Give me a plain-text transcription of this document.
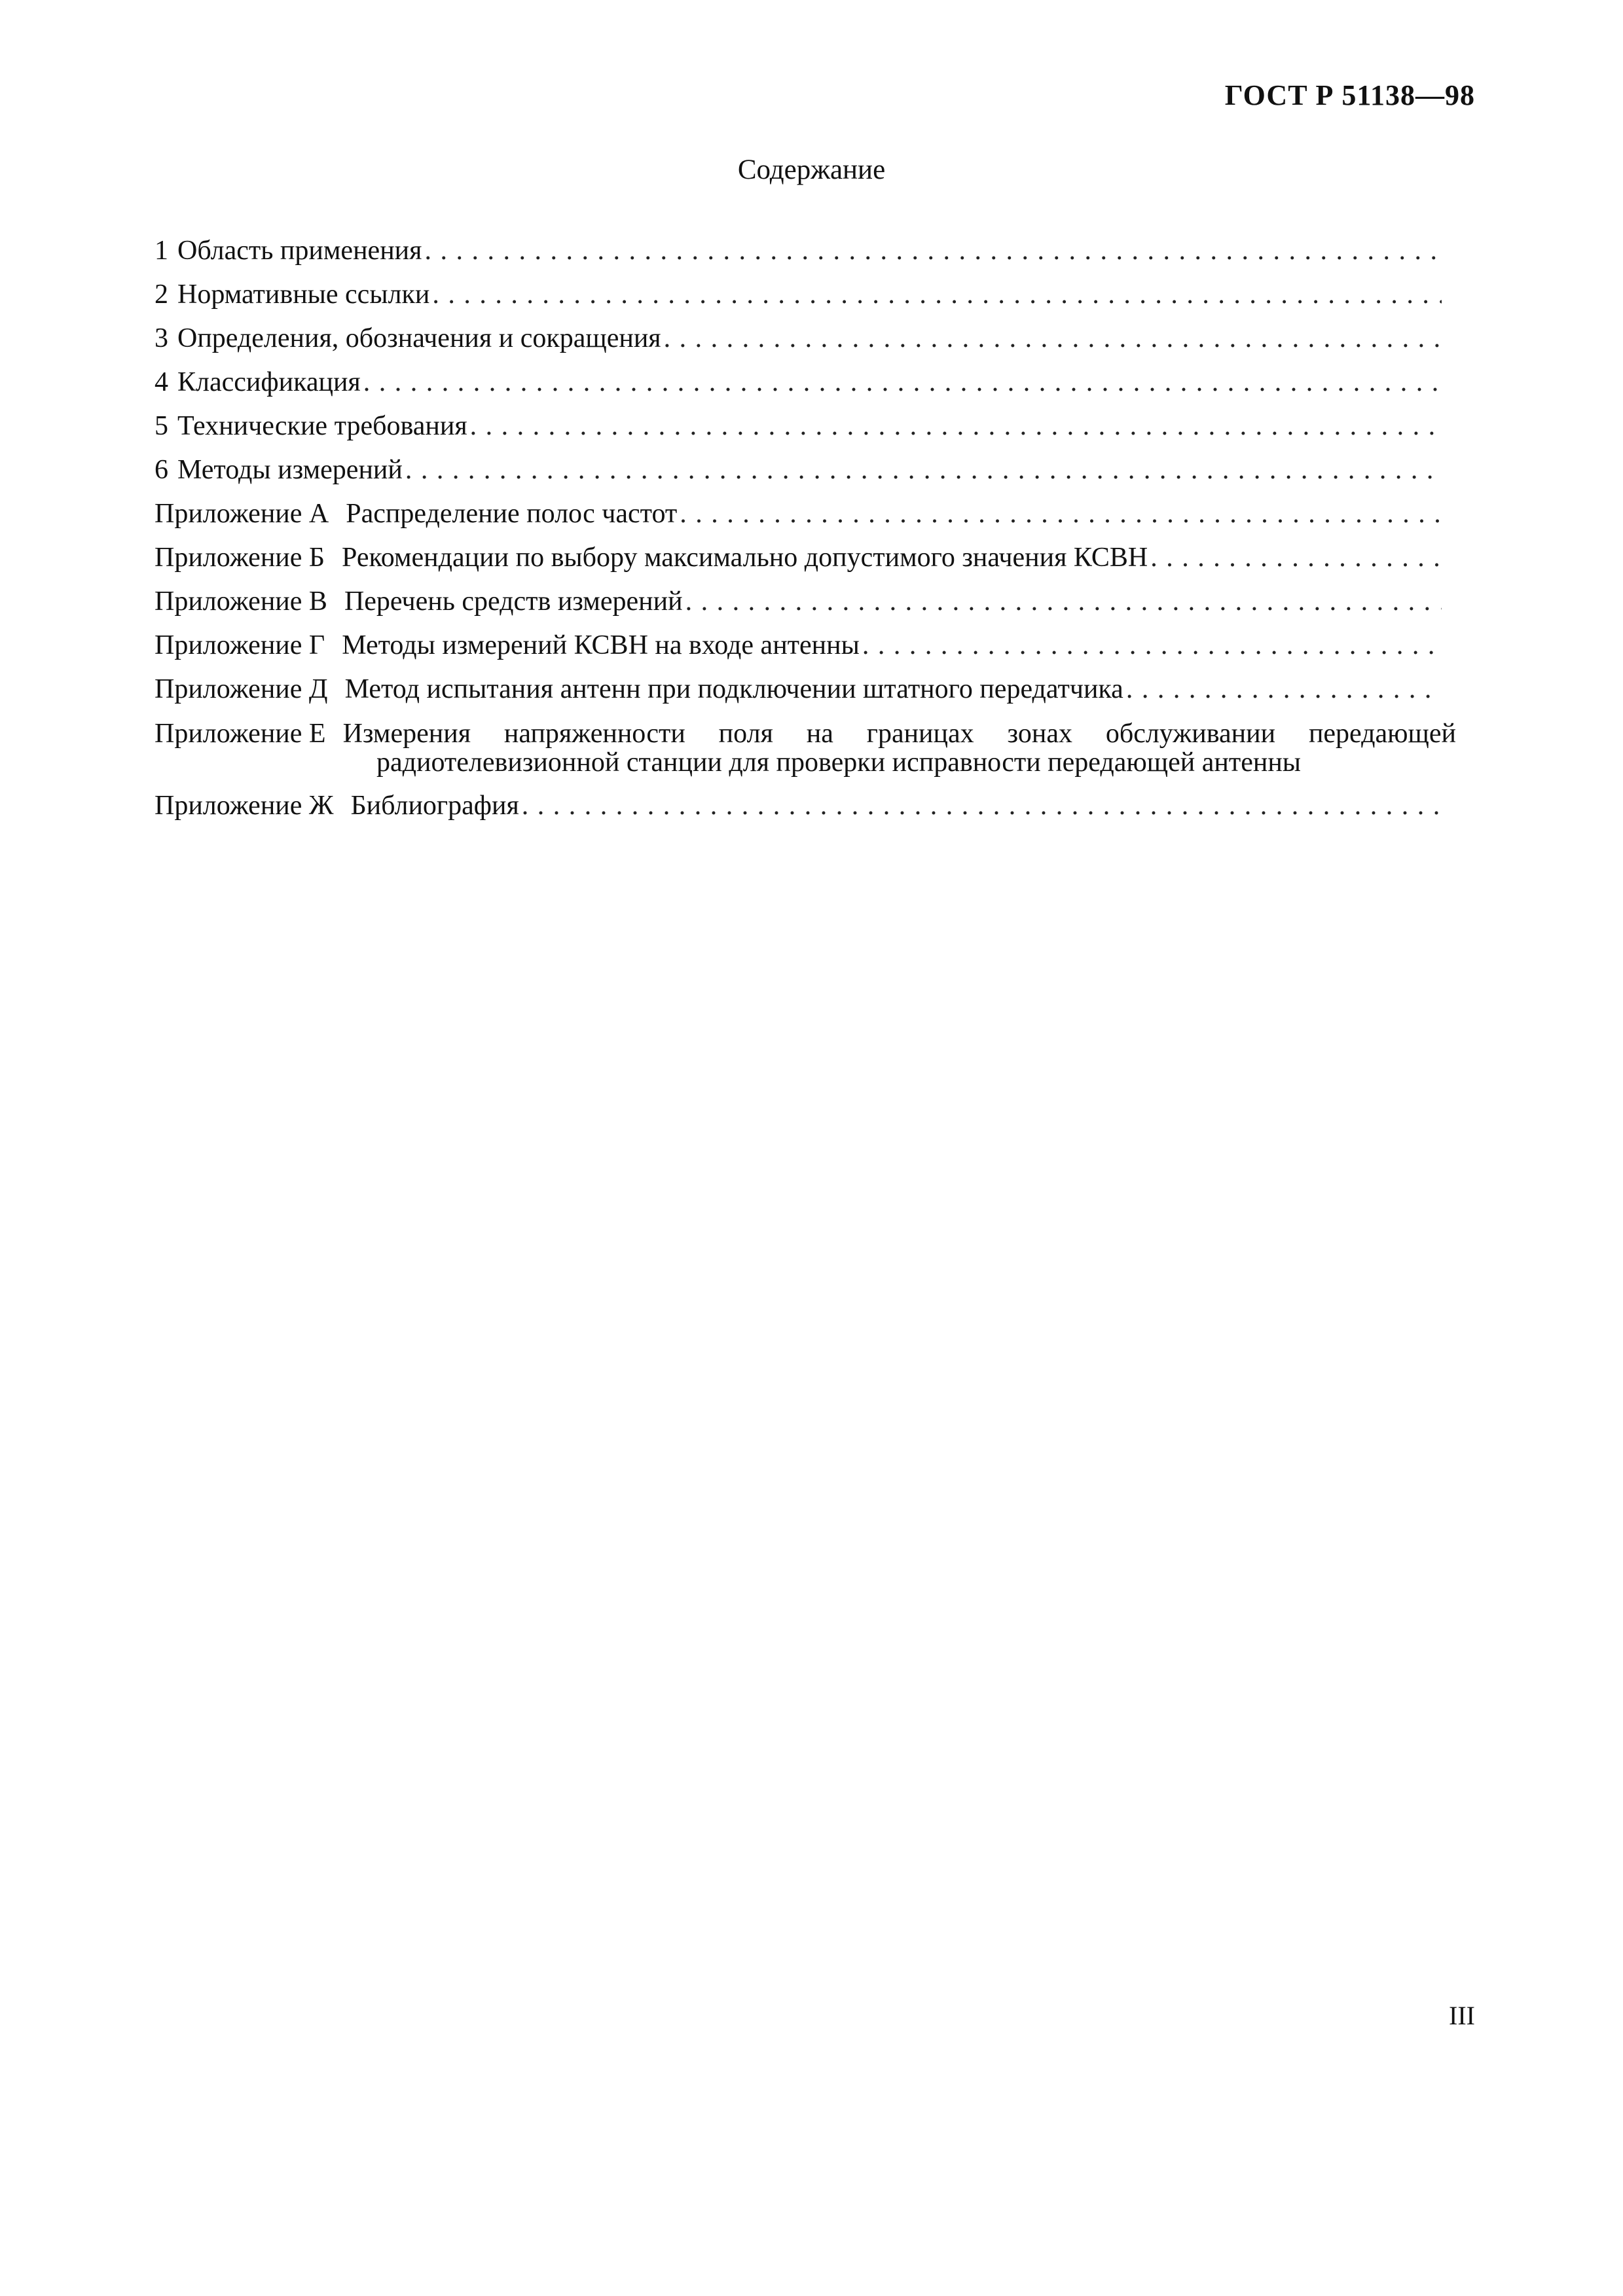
ГОСТ Р 51138—98
Содержание
1 Область применения
. . .
2 Нормативные ссылки
. . .
3 Определения, обозначения и сокращения
. . .
4 Классификация
. . .
5 Технические требования
. . .
6 Методы измерений
. . .
Приложение А Распределение полос частот
. . .
Приложение Б Рекомендации по выбору максимально допустимого значения КСВН
. . .
Приложение В Перечень средств измерений
. . .
Приложение Г Методы измерений КСВН на входе антенны
. . .
Приложение Д Метод испытания антенн при подключении штатного передатчика
. . .
Приложение Е Измерения напряженности поля на границах зонах обслуживании передающей
радиотелевизионной станции для проверки исправности передающей антенны
Приложение Ж Библиография
. . .
III
